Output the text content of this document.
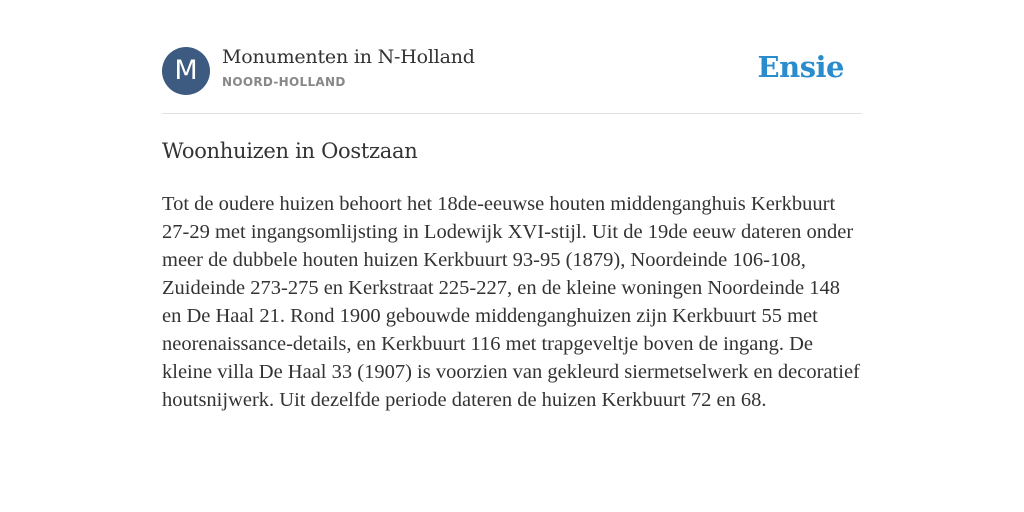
M	Monumenten in N-Holland
NOORD-HOLLAND	Ensie
Woonhuizen in Oostzaan

Tot de oudere huizen behoort het 18de-eeuwse houten middenganghuis Kerkbuurt 27-29 met ingangsomlijsting in Lodewijk XVI-stijl. Uit de 19de eeuw dateren onder meer de dubbele houten huizen Kerkbuurt 93-95 (1879), Noordeinde 106-108, Zuideinde 273-275 en Kerkstraat 225-227, en de kleine woningen Noordeinde 148 en De Haal 21. Rond 1900 gebouwde middenganghuizen zijn Kerkbuurt 55 met neorenaissance-details, en Kerkbuurt 116 met trapgeveltje boven de ingang. De kleine villa De Haal 33 (1907) is voorzien van gekleurd siermetselwerk en decoratief houtsnijwerk. Uit dezelfde periode dateren de huizen Kerkbuurt 72 en 68.
